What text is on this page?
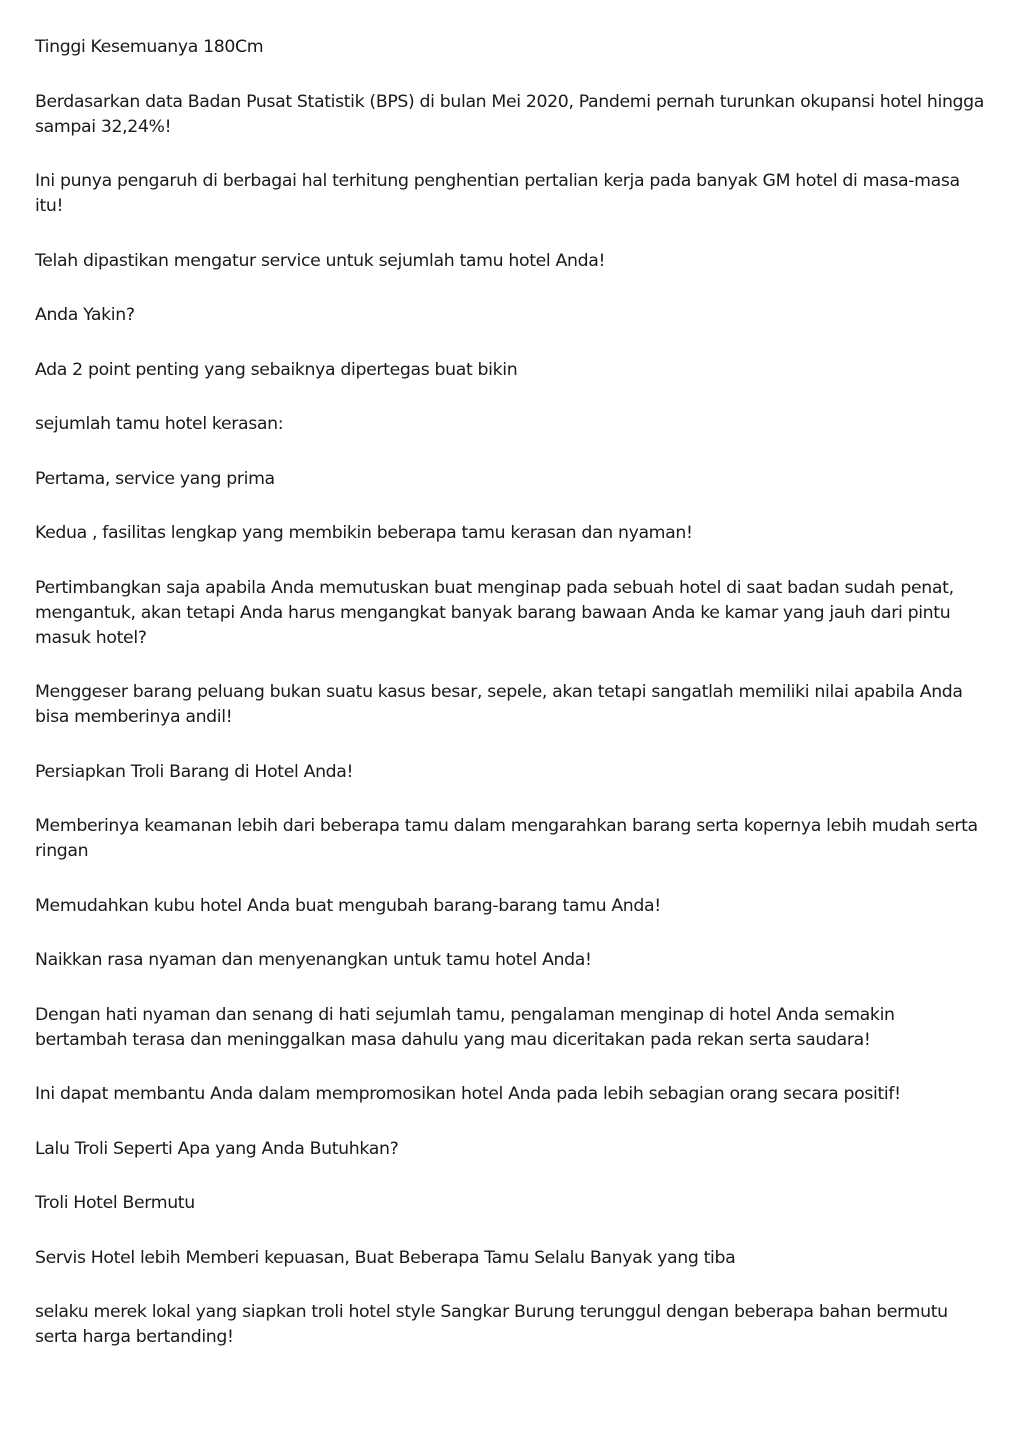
Tinggi Kesemuanya 180Cm

Berdasarkan data Badan Pusat Statistik (BPS) di bulan Mei 2020, Pandemi pernah turunkan okupansi hotel hingga sampai 32,24%!

Ini punya pengaruh di berbagai hal terhitung penghentian pertalian kerja pada banyak GM hotel di masa-masa itu!

Telah dipastikan mengatur service untuk sejumlah tamu hotel Anda!

Anda Yakin?

Ada 2 point penting yang sebaiknya dipertegas buat bikin

sejumlah tamu hotel kerasan:

Pertama, service yang prima

Kedua , fasilitas lengkap yang membikin beberapa tamu kerasan dan nyaman!

Pertimbangkan saja apabila Anda memutuskan buat menginap pada sebuah hotel di saat badan sudah penat, mengantuk, akan tetapi Anda harus mengangkat banyak barang bawaan Anda ke kamar yang jauh dari pintu masuk hotel?

Menggeser barang peluang bukan suatu kasus besar, sepele, akan tetapi sangatlah memiliki nilai apabila Anda bisa memberinya andil!

Persiapkan Troli Barang di Hotel Anda!

Memberinya keamanan lebih dari beberapa tamu dalam mengarahkan barang serta kopernya lebih mudah serta ringan

Memudahkan kubu hotel Anda buat mengubah barang-barang tamu Anda!

Naikkan rasa nyaman dan menyenangkan untuk tamu hotel Anda!

Dengan hati nyaman dan senang di hati sejumlah tamu, pengalaman menginap di hotel Anda semakin bertambah terasa dan meninggalkan masa dahulu yang mau diceritakan pada rekan serta saudara!

Ini dapat membantu Anda dalam mempromosikan hotel Anda pada lebih sebagian orang secara positif!

Lalu Troli Seperti Apa yang Anda Butuhkan?

Troli Hotel Bermutu

Servis Hotel lebih Memberi kepuasan, Buat Beberapa Tamu Selalu Banyak yang tiba

selaku merek lokal yang siapkan troli hotel style Sangkar Burung terunggul dengan beberapa bahan bermutu serta harga bertanding!
